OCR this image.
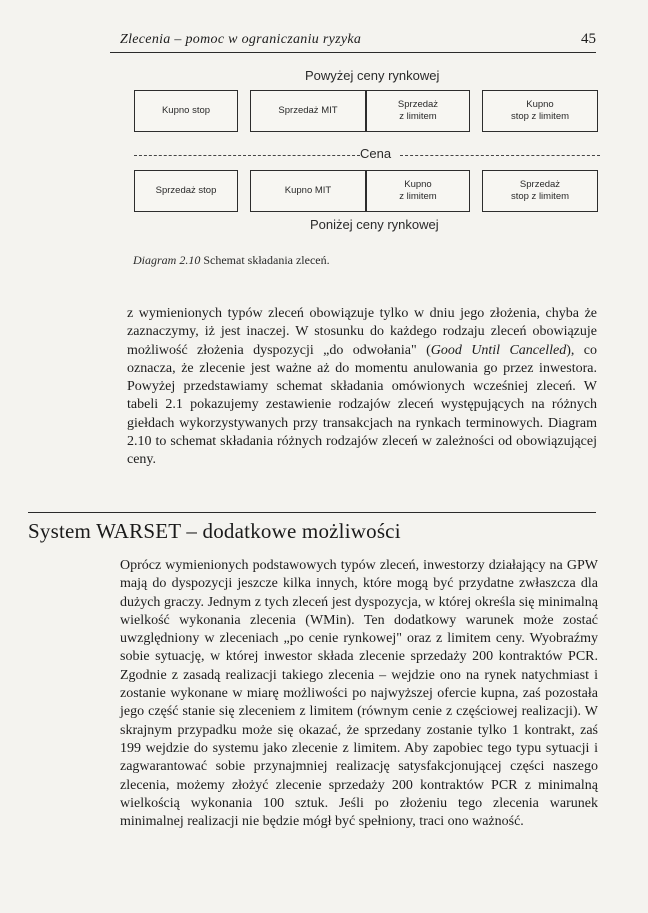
Zlecenia – pomoc w ograniczaniu ryzyka	45
Powyżej ceny rynkowej
Kupno stop	Sprzedaż MIT
Sprzedaż
z limitem
Kupno
stop z limitem
Cena
Sprzedaż stop	Kupno MIT
Kupno
z limitem
Sprzedaż
stop z limitem
Poniżej ceny rynkowej
Diagram 2.10 Schemat składania zleceń.

z wymienionych typów zleceń obowiązuje tylko w dniu jego złożenia, chyba że zaznaczymy, iż jest inaczej. W stosunku do każdego rodzaju zleceń obowiązuje możliwość złożenia dyspozycji „do odwołania" (Good Until Cancelled), co oznacza, że zlecenie jest ważne aż do momentu anulowania go przez inwestora. Powyżej przedstawiamy schemat składania omówionych wcześniej zleceń. W tabeli 2.1 pokazujemy zestawienie rodzajów zleceń występujących na różnych giełdach wykorzystywanych przy transakcjach na rynkach terminowych. Diagram 2.10 to schemat składania różnych rodzajów zleceń w zależności od obowiązującej ceny.

System WARSET – dodatkowe możliwości

Oprócz wymienionych podstawowych typów zleceń, inwestorzy działający na GPW mają do dyspozycji jeszcze kilka innych, które mogą być przydatne zwłaszcza dla dużych graczy. Jednym z tych zleceń jest dyspozycja, w której określa się minimalną wielkość wykonania zlecenia (WMin). Ten dodatkowy warunek może zostać uwzględniony w zleceniach „po cenie rynkowej" oraz z limitem ceny. Wyobraźmy sobie sytuację, w której inwestor składa zlecenie sprzedaży 200 kontraktów PCR. Zgodnie z zasadą realizacji takiego zlecenia – wejdzie ono na rynek natychmiast i zostanie wykonane w miarę możliwości po najwyższej ofercie kupna, zaś pozostała jego część stanie się zleceniem z limitem (równym cenie z częściowej realizacji). W skrajnym przypadku może się okazać, że sprzedany zostanie tylko 1 kontrakt, zaś 199 wejdzie do systemu jako zlecenie z limitem. Aby zapobiec tego typu sytuacji i zagwarantować sobie przynajmniej realizację satysfakcjonującej części naszego zlecenia, możemy złożyć zlecenie sprzedaży 200 kontraktów PCR z minimalną wielkością wykonania 100 sztuk. Jeśli po złożeniu tego zlecenia warunek minimalnej realizacji nie będzie mógł być spełniony, traci ono ważność.
